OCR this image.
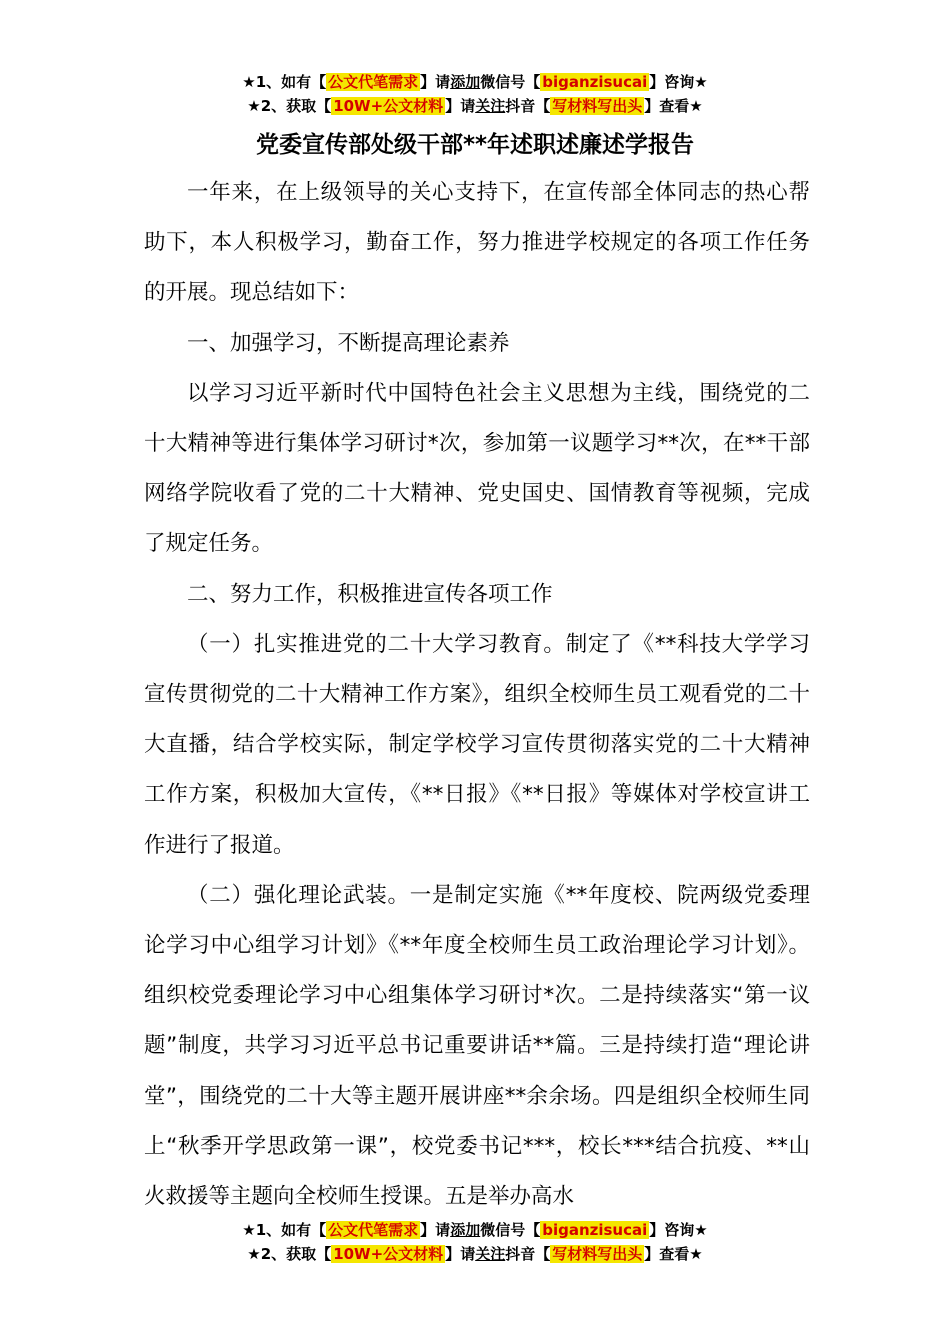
★1、如有【 公文代笔需求 】请添加微信号【 biganzisucai 】咨询★
★2、获取【 10W+公文材料 】请关注抖音【 写材料写出头 】查看★
党委宣传部处级干部**年述职述廉述学报告

一年来，在上级领导的关心支持下，在宣传部全体同志的热心帮助下，本人积极学习，勤奋工作，努力推进学校规定的各项工作任务的开展。现总结如下：

一、加强学习，不断提高理论素养

以学习习近平新时代中国特色社会主义思想为主线，围绕党的二十大精神等进行集体学习研讨*次，参加第一议题学习**次，在**干部网络学院收看了党的二十大精神、党史国史、国情教育等视频，完成了规定任务。

二、努力工作，积极推进宣传各项工作

（一）扎实推进党的二十大学习教育。制定了《**科技大学学习宣传贯彻党的二十大精神工作方案》，组织全校师生员工观看党的二十大直播，结合学校实际，制定学校学习宣传贯彻落实党的二十大精神工作方案，积极加大宣传，《**日报》《**日报》等媒体对学校宣讲工作进行了报道。

（二）强化理论武装。一是制定实施《**年度校、院两级党委理论学习中心组学习计划》《**年度全校师生员工政治理论学习计划》。组织校党委理论学习中心组集体学习研讨*次。二是持续落实“第一议题”制度，共学习习近平总书记重要讲话**篇。三是持续打造“理论讲堂”，围绕党的二十大等主题开展讲座**余余场。四是组织全校师生同上“秋季开学思政第一课”，校党委书记***，校长***结合抗疫、**山火救援等主题向全校师生授课。五是举办高水

★1、如有【 公文代笔需求 】请添加微信号【 biganzisucai 】咨询★
★2、获取【 10W+公文材料 】请关注抖音【 写材料写出头 】查看★
